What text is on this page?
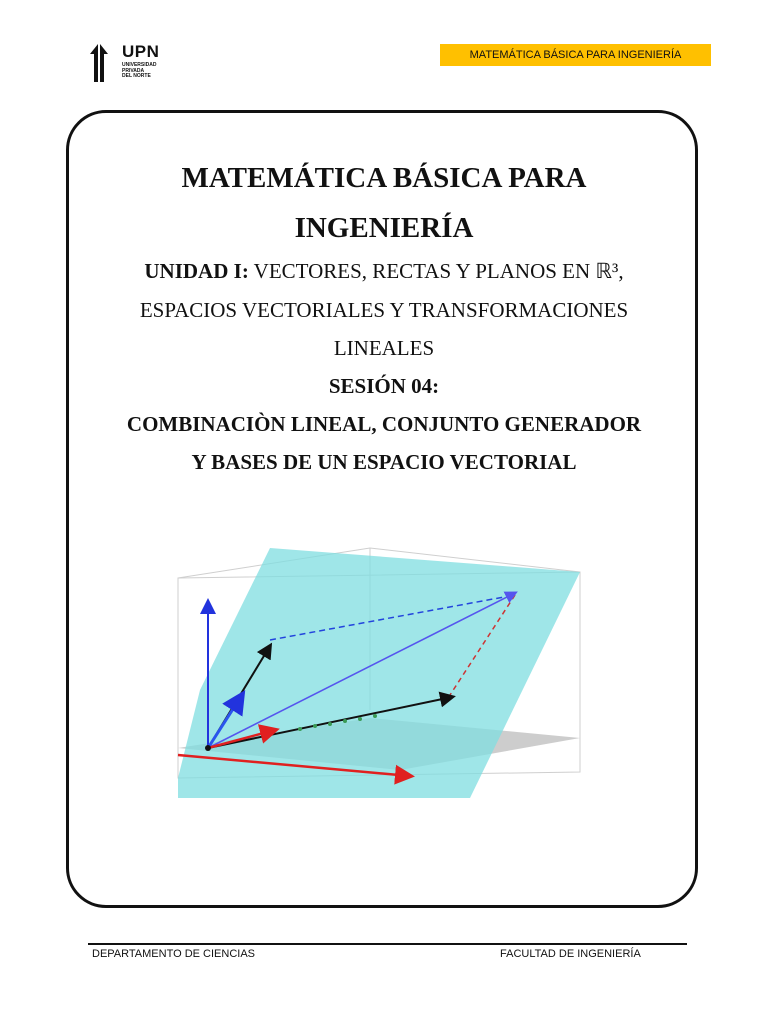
UPN
UNIVERSIDAD
PRIVADA
DEL NORTE
MATEMÁTICA BÁSICA PARA INGENIERÍA
MATEMÁTICA BÁSICA PARA
INGENIERÍA
UNIDAD I: VECTORES, RECTAS Y PLANOS EN ℝ³,
ESPACIOS VECTORIALES Y TRANSFORMACIONES
LINEALES
SESIÓN 04:
COMBINACIÒN LINEAL, CONJUNTO GENERADOR
Y BASES DE UN ESPACIO VECTORIAL
DEPARTAMENTO DE CIENCIAS	FACULTAD DE INGENIERÍA
